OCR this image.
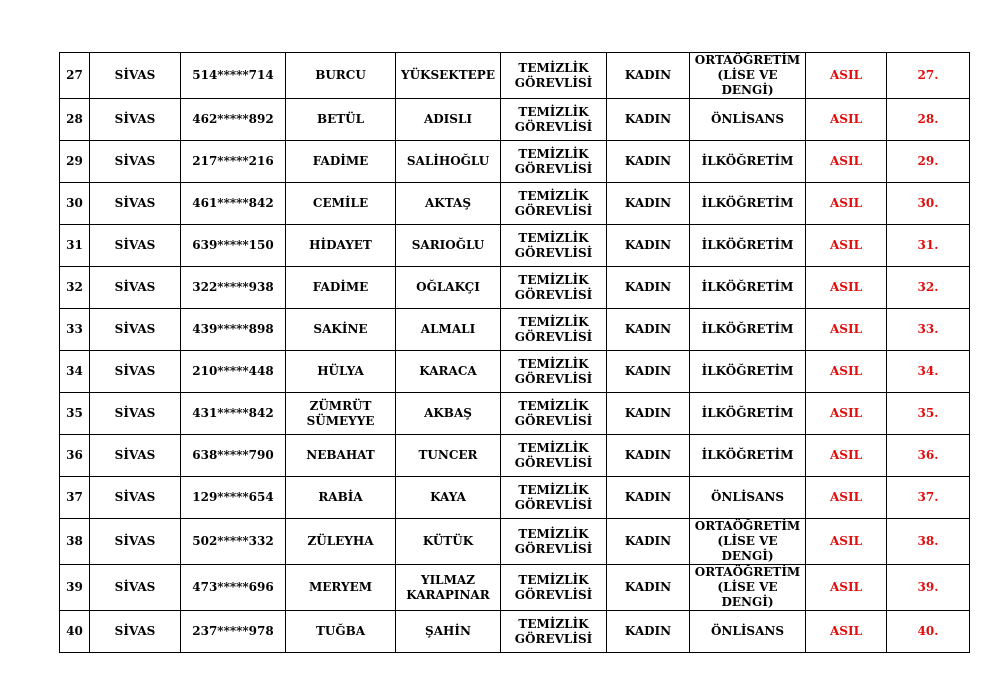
27	SİVAS	514*****714	BURCU	YÜKSEKTEPE	TEMİZLİK
GÖREVLİSİ	KADIN	ORTAÖĞRETİM
(LİSE VE DENGİ)	ASIL	27.
28	SİVAS	462*****892	BETÜL	ADISLI	TEMİZLİK
GÖREVLİSİ	KADIN	ÖNLİSANS	ASIL	28.
29	SİVAS	217*****216	FADİME	SALİHOĞLU	TEMİZLİK
GÖREVLİSİ	KADIN	İLKÖĞRETİM	ASIL	29.
30	SİVAS	461*****842	CEMİLE	AKTAŞ	TEMİZLİK
GÖREVLİSİ	KADIN	İLKÖĞRETİM	ASIL	30.
31	SİVAS	639*****150	HİDAYET	SARIOĞLU	TEMİZLİK
GÖREVLİSİ	KADIN	İLKÖĞRETİM	ASIL	31.
32	SİVAS	322*****938	FADİME	OĞLAKÇI	TEMİZLİK
GÖREVLİSİ	KADIN	İLKÖĞRETİM	ASIL	32.
33	SİVAS	439*****898	SAKİNE	ALMALI	TEMİZLİK
GÖREVLİSİ	KADIN	İLKÖĞRETİM	ASIL	33.
34	SİVAS	210*****448	HÜLYA	KARACA	TEMİZLİK
GÖREVLİSİ	KADIN	İLKÖĞRETİM	ASIL	34.
35	SİVAS	431*****842	ZÜMRÜT
SÜMEYYE	AKBAŞ	TEMİZLİK
GÖREVLİSİ	KADIN	İLKÖĞRETİM	ASIL	35.
36	SİVAS	638*****790	NEBAHAT	TUNCER	TEMİZLİK
GÖREVLİSİ	KADIN	İLKÖĞRETİM	ASIL	36.
37	SİVAS	129*****654	RABİA	KAYA	TEMİZLİK
GÖREVLİSİ	KADIN	ÖNLİSANS	ASIL	37.
38	SİVAS	502*****332	ZÜLEYHA	KÜTÜK	TEMİZLİK
GÖREVLİSİ	KADIN	ORTAÖĞRETİM
(LİSE VE DENGİ)	ASIL	38.
39	SİVAS	473*****696	MERYEM	YILMAZ
KARAPINAR	TEMİZLİK
GÖREVLİSİ	KADIN	ORTAÖĞRETİM
(LİSE VE DENGİ)	ASIL	39.
40	SİVAS	237*****978	TUĞBA	ŞAHİN	TEMİZLİK
GÖREVLİSİ	KADIN	ÖNLİSANS	ASIL	40.
